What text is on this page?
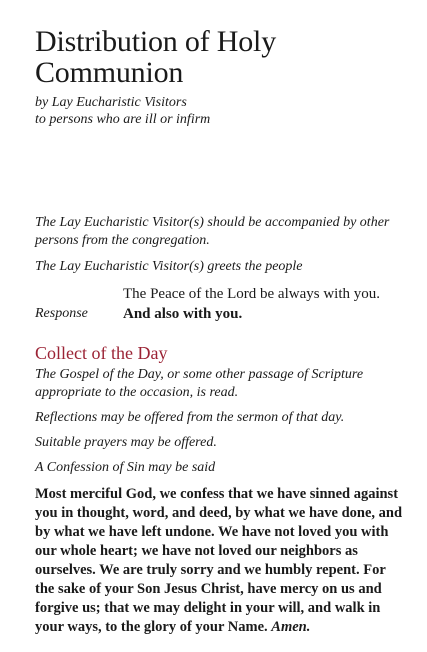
Distribution of Holy
Communion
by Lay Eucharistic Visitors
to persons who are ill or infirm

The Lay Eucharistic Visitor(s) should be accompanied by other persons from the congregation.

The Lay Eucharistic Visitor(s) greets the people

The Peace of the Lord be always with you.
Response	And also with you.
Collect of the Day

The Gospel of the Day, or some other passage of Scripture appropriate to the occasion, is read.

Reflections may be offered from the sermon of that day.

Suitable prayers may be offered.

A Confession of Sin may be said

Most merciful God, we confess that we have sinned against you in thought, word, and deed, by what we have done, and by what we have left undone. We have not loved you with our whole heart; we have not loved our neighbors as ourselves. We are truly sorry and we humbly repent. For the sake of your Son Jesus Christ, have mercy on us and forgive us; that we may delight in your will, and walk in your ways, to the glory of your Name. Amen.
